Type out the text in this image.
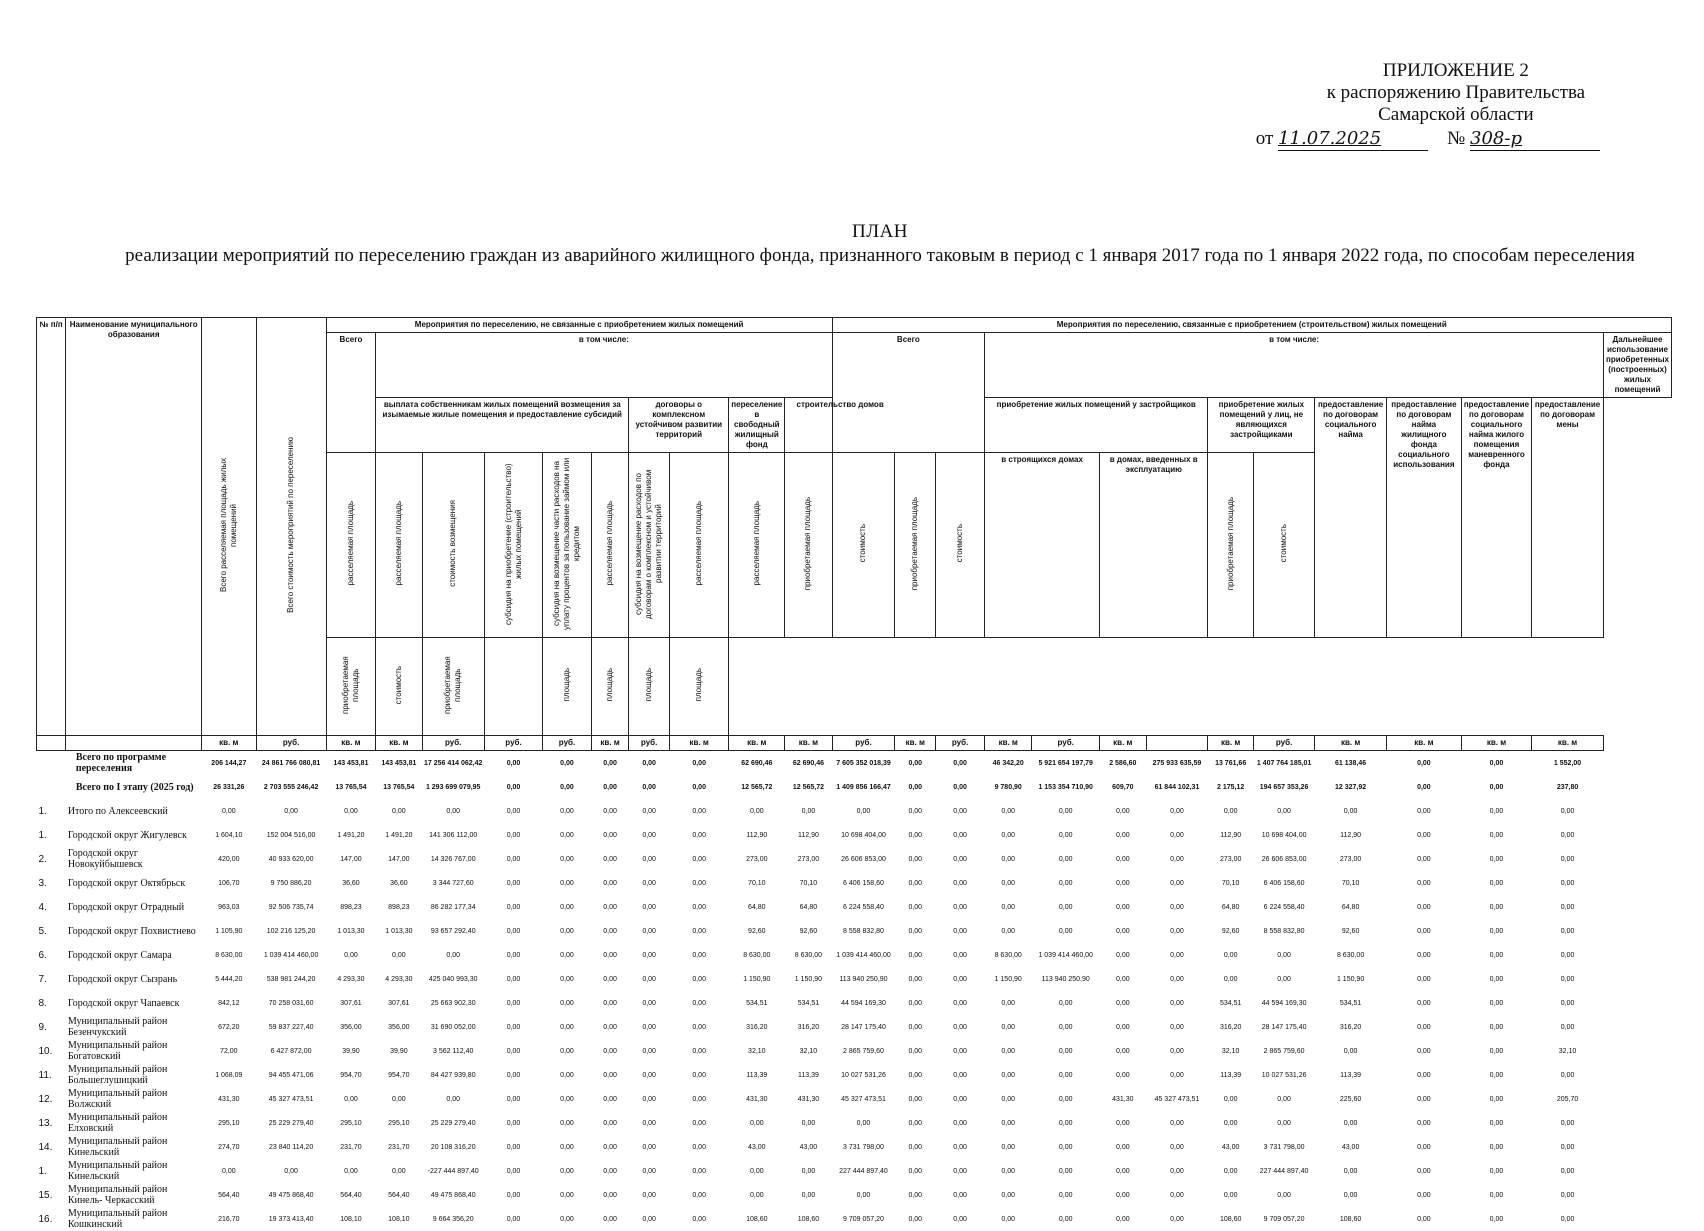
ПРИЛОЖЕНИЕ 2
к распоряжению Правительства
Самарской области
от 11.07.2025	№ 308-р
ПЛАН
реализации мероприятий по переселению граждан из аварийного жилищного фонда, признанного таковым в период с 1 января 2017 года по 1 января 2022 года, по способам переселения
№ п/п	Наименование муниципального образования	Всего расселяемая площадь жилых помещений	Всего стоимость мероприятий по переселению	Мероприятия по переселению, не связанные с приобретением жилых помещений										Мероприятия по переселению, связанные с приобретением (строительством) жилых помещений													
				Всего	в том числе:									Всего			в том числе:										Дальнейшее использование приобретенных (построенных) жилых помещений
					выплата собственникам жилых помещений возмещения за изымаемые жилые помещения и предоставление субсидий					договоры о комплексном устойчивом развитии территорий		переселение в свободный жилищный фонд	строительство домов				приобретение жилых помещений у застройщиков				приобретение жилых помещений у лиц, не являющихся застройщиками		предоставление по договорам социального найма	предоставление по договорам найма жилищного фонда социального использования	предоставление по договорам социального найма жилого помещения маневренного фонда	предоставление по договорам мены	
				расселяемая площадь	расселяемая площадь	стоимость возмещения	субсидия на приобретение (строительство) жилых помещений	субсидия на возмещение части расходов на уплату процентов за пользование займом или кредитом	расселяемая площадь	субсидия на возмещение расходов по договорам о комплексном и устойчивом развитии территорий	расселяемая площадь	расселяемая площадь	приобретаемая площадь	стоимость	приобретаемая площадь	стоимость	в строящихся домах		в домах, введенных в эксплуатацию		приобретаемая площадь	стоимость					
				приобретаемая площадь	стоимость	приобретаемая площадь		площадь	площадь	площадь	площадь																
		кв. м	руб.	кв. м	кв. м	руб.	руб.	руб.	кв. м	руб.	кв. м	кв. м	кв. м	руб.	кв. м	руб.	кв. м	руб.	кв. м		кв. м	руб.	кв. м	кв. м	кв. м	кв. м	
	Всего по программе переселения	206 144,27	24 861 766 080,81	143 453,81	143 453,81	17 256 414 062,42	0,00	0,00	0,00	0,00	0,00	62 690,46	62 690,46	7 605 352 018,39	0,00	0,00	46 342,20	5 921 654 197,79	2 586,60	275 933 635,59	13 761,66	1 407 764 185,01	61 138,46	0,00	0,00	1 552,00	
	Всего по I этапу (2025 год)	26 331,26	2 703 555 246,42	13 765,54	13 765,54	1 293 699 079,95	0,00	0,00	0,00	0,00	0,00	12 565,72	12 565,72	1 409 856 166,47	0,00	0,00	9 780,90	1 153 354 710,90	609,70	61 844 102,31	2 175,12	194 657 353,26	12 327,92	0,00	0,00	237,80	
1.	Итого по Алексеевский	0,00	0,00	0,00	0,00	0,00	0,00	0,00	0,00	0,00	0,00	0,00	0,00	0,00	0,00	0,00	0,00	0,00	0,00	0,00	0,00	0,00	0,00	0,00	0,00	0,00	
1.	Городской округ Жигулевск	1 604,10	152 004 516,00	1 491,20	1 491,20	141 306 112,00	0,00	0,00	0,00	0,00	0,00	112,90	112,90	10 698 404,00	0,00	0,00	0,00	0,00	0,00	0,00	112,90	10 698 404,00	112,90	0,00	0,00	0,00	
2.	Городской округ Новокуйбышевск	420,00	40 933 620,00	147,00	147,00	14 326 767,00	0,00	0,00	0,00	0,00	0,00	273,00	273,00	26 606 853,00	0,00	0,00	0,00	0,00	0,00	0,00	273,00	26 606 853,00	273,00	0,00	0,00	0,00	
3.	Городской округ Октябрьск	106,70	9 750 886,20	36,60	36,60	3 344 727,60	0,00	0,00	0,00	0,00	0,00	70,10	70,10	6 406 158,60	0,00	0,00	0,00	0,00	0,00	0,00	70,10	6 406 158,60	70,10	0,00	0,00	0,00	
4.	Городской округ Отрадный	963,03	92 506 735,74	898,23	898,23	86 282 177,34	0,00	0,00	0,00	0,00	0,00	64,80	64,80	6 224 558,40	0,00	0,00	0,00	0,00	0,00	0,00	64,80	6 224 558,40	64,80	0,00	0,00	0,00	
5.	Городской округ Похвистнево	1 105,90	102 216 125,20	1 013,30	1 013,30	93 657 292,40	0,00	0,00	0,00	0,00	0,00	92,60	92,60	8 558 832,80	0,00	0,00	0,00	0,00	0,00	0,00	92,60	8 558 832,80	92,60	0,00	0,00	0,00	
6.	Городской округ Самара	8 630,00	1 039 414 460,00	0,00	0,00	0,00	0,00	0,00	0,00	0,00	0,00	8 630,00	8 630,00	1 039 414 460,00	0,00	0,00	8 630,00	1 039 414 460,00	0,00	0,00	0,00	0,00	8 630,00	0,00	0,00	0,00	
7.	Городской округ Сызрань	5 444,20	538 981 244,20	4 293,30	4 293,30	425 040 993,30	0,00	0,00	0,00	0,00	0,00	1 150,90	1 150,90	113 940 250,90	0,00	0,00	1 150,90	113 940 250,90	0,00	0,00	0,00	0,00	1 150,90	0,00	0,00	0,00	
8.	Городской округ Чапаевск	842,12	70 258 031,60	307,61	307,61	25 663 902,30	0,00	0,00	0,00	0,00	0,00	534,51	534,51	44 594 169,30	0,00	0,00	0,00	0,00	0,00	0,00	534,51	44 594 169,30	534,51	0,00	0,00	0,00	
9.	Муниципальный район Безенчукский	672,20	59 837 227,40	356,00	356,00	31 690 052,00	0,00	0,00	0,00	0,00	0,00	316,20	316,20	28 147 175,40	0,00	0,00	0,00	0,00	0,00	0,00	316,20	28 147 175,40	316,20	0,00	0,00	0,00	
10.	Муниципальный район Богатовский	72,00	6 427 872,00	39,90	39,90	3 562 112,40	0,00	0,00	0,00	0,00	0,00	32,10	32,10	2 865 759,60	0,00	0,00	0,00	0,00	0,00	0,00	32,10	2 865 759,60	0,00	0,00	0,00	32,10	
11.	Муниципальный район Большеглушицкий	1 068,09	94 455 471,06	954,70	954,70	84 427 939,80	0,00	0,00	0,00	0,00	0,00	113,39	113,39	10 027 531,26	0,00	0,00	0,00	0,00	0,00	0,00	113,39	10 027 531,26	113,39	0,00	0,00	0,00	
12.	Муниципальный район Волжский	431,30	45 327 473,51	0,00	0,00	0,00	0,00	0,00	0,00	0,00	0,00	431,30	431,30	45 327 473,51	0,00	0,00	0,00	0,00	431,30	45 327 473,51	0,00	0,00	225,60	0,00	0,00	205,70	
13.	Муниципальный район Елховский	295,10	25 229 279,40	295,10	295,10	25 229 279,40	0,00	0,00	0,00	0,00	0,00	0,00	0,00	0,00	0,00	0,00	0,00	0,00	0,00	0,00	0,00	0,00	0,00	0,00	0,00	0,00	
14.	Муниципальный район Кинельский	274,70	23 840 114,20	231,70	231,70	20 108 316,20	0,00	0,00	0,00	0,00	0,00	43,00	43,00	3 731 798,00	0,00	0,00	0,00	0,00	0,00	0,00	43,00	3 731 798,00	43,00	0,00	0,00	0,00	
1.	Муниципальный район Кинельский	0,00	0,00	0,00	0,00	-227 444 897,40	0,00	0,00	0,00	0,00	0,00	0,00	0,00	227 444 897,40	0,00	0,00	0,00	0,00	0,00	0,00	0,00	227 444 897,40	0,00	0,00	0,00	0,00	
15.	Муниципальный район Кинель- Черкасский	564,40	49 475 868,40	564,40	564,40	49 475 868,40	0,00	0,00	0,00	0,00	0,00	0,00	0,00	0,00	0,00	0,00	0,00	0,00	0,00	0,00	0,00	0,00	0,00	0,00	0,00	0,00	
16.	Муниципальный район Кошкинский	216,70	19 373 413,40	108,10	108,10	9 664 356,20	0,00	0,00	0,00	0,00	0,00	108,60	108,60	9 709 057,20	0,00	0,00	0,00	0,00	0,00	0,00	108,60	9 709 057,20	108,60	0,00	0,00	0,00	
